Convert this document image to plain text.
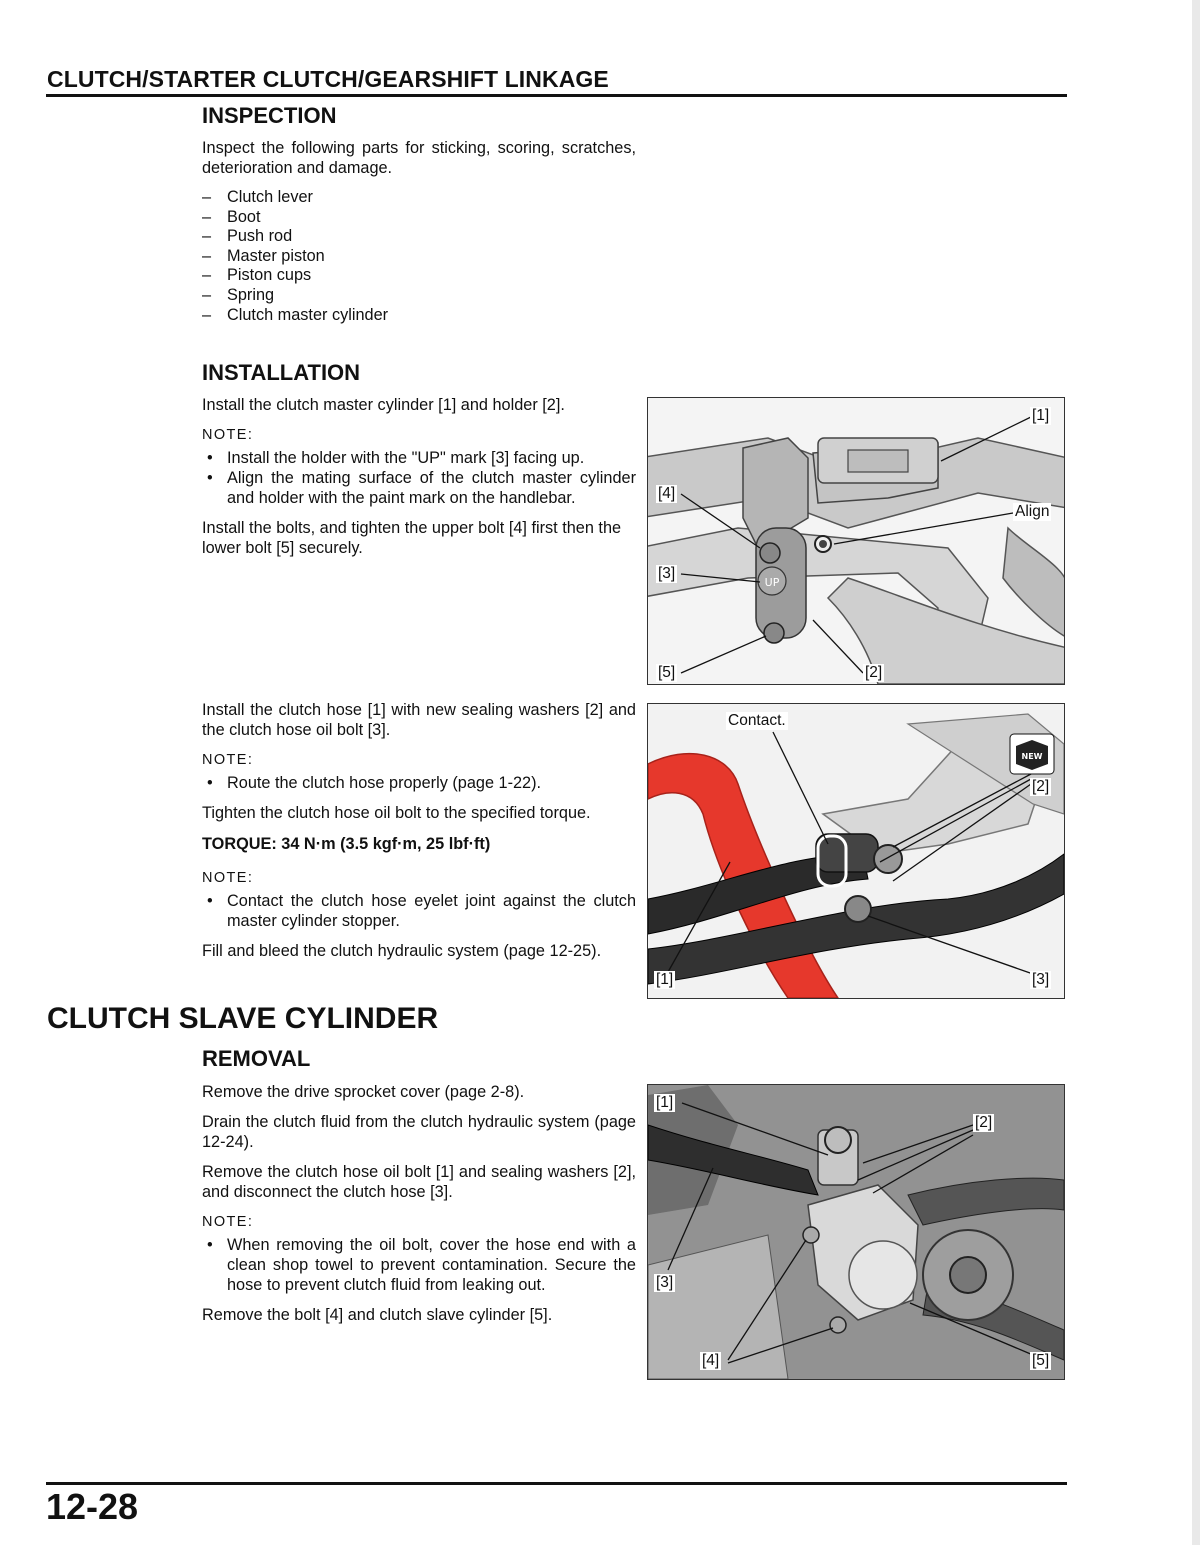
CLUTCH/STARTER CLUTCH/GEARSHIFT LINKAGE
INSPECTION

Inspect the following parts for sticking, scoring, scratches, deterioration and damage.

– Clutch lever
– Boot
– Push rod
– Master piston
– Piston cups
– Spring
– Clutch master cylinder
INSTALLATION

Install the clutch master cylinder [1] and holder [2].

NOTE:

• Install the holder with the "UP" mark [3] facing up.
• Align the mating surface of the clutch master cylinder and holder with the paint mark on the handlebar.

Install the bolts, and tighten the upper bolt [4] first then the lower bolt [5] securely.

Install the clutch hose [1] with new sealing washers [2] and the clutch hose oil bolt [3].

NOTE:

• Route the clutch hose properly (page 1-22).

Tighten the clutch hose oil bolt to the specified torque.

TORQUE: 34 N·m (3.5 kgf·m, 25 lbf·ft)

NOTE:

• Contact the clutch hose eyelet joint against the clutch master cylinder stopper.

Fill and bleed the clutch hydraulic system (page 12-25).

CLUTCH SLAVE CYLINDER
REMOVAL

Remove the drive sprocket cover (page 2-8).

Drain the clutch fluid from the clutch hydraulic system (page 12-24).

Remove the clutch hose oil bolt [1] and sealing washers [2], and disconnect the clutch hose [3].

NOTE:

• When removing the oil bolt, cover the hose end with a clean shop towel to prevent contamination. Secure the hose to prevent clutch fluid from leaking out.

Remove the bolt [4] and clutch slave cylinder [5].

UP
[1]
Align
[4]
[3]
[5]	[2]
NEW
Contact.
[2]
[1]	[3]
[1]
[2]
[3]
[4]	[5]
12-28
